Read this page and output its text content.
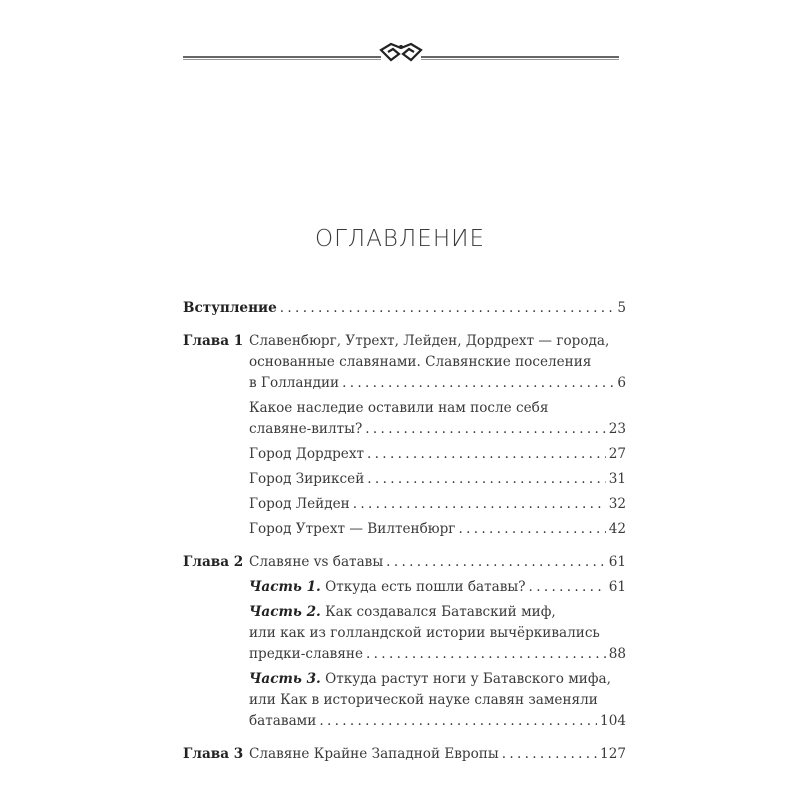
ОГЛАВЛЕНИЕ
Вступление . . .	5
Глава 1 Славенбюрг, Утрехт, Лейден, Дордрехт — города,
основанные славянами. Славянские поселения
в Голландии . . .	6
Какое наследие оставили нам после себя
славяне-вилты? . . .	23
Город Дордрехт . . .	27
Город Зириксей . . .	31
Город Лейден . . .	32
Город Утрехт — Вилтенбюрг . . .	42
Глава 2 Славяне vs батавы . . .	61
Часть 1. Откуда есть пошли батавы? . . .	61
Часть 2. Как создавался Батавский миф,
или как из голландской истории вычёркивались
предки-славяне . . .	88
Часть 3. Откуда растут ноги у Батавского мифа,
или Как в исторической науке славян заменяли
батавами . . .	104
Глава 3 Славяне Крайне Западной Европы . . .	127
